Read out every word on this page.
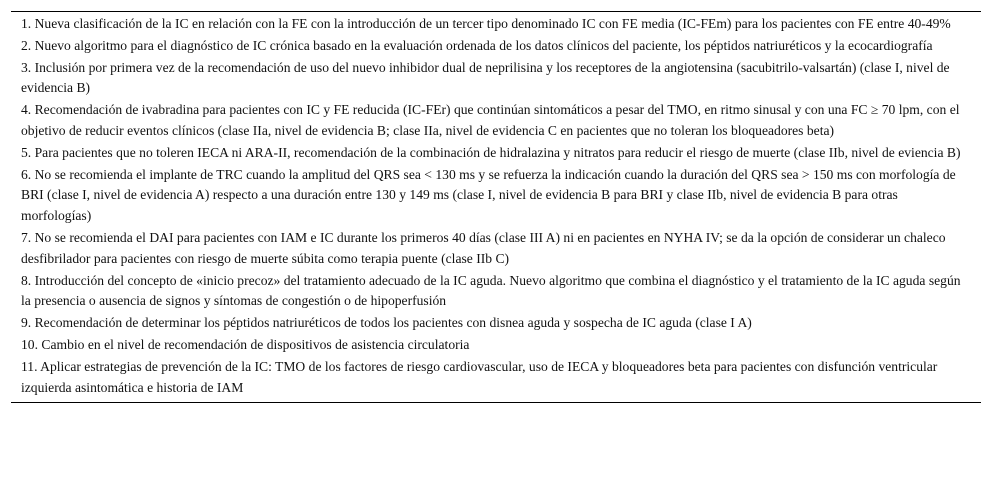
1. Nueva clasificación de la IC en relación con la FE con la introducción de un tercer tipo denominado IC con FE media (IC-FEm) para los pacientes con FE entre 40-49%
2. Nuevo algoritmo para el diagnóstico de IC crónica basado en la evaluación ordenada de los datos clínicos del paciente, los péptidos natriuréticos y la ecocardiografía
3. Inclusión por primera vez de la recomendación de uso del nuevo inhibidor dual de neprilisina y los receptores de la angiotensina (sacubitrilo-valsartán) (clase I, nivel de evidencia B)
4. Recomendación de ivabradina para pacientes con IC y FE reducida (IC-FEr) que continúan sintomáticos a pesar del TMO, en ritmo sinusal y con una FC ≥ 70 lpm, con el objetivo de reducir eventos clínicos (clase IIa, nivel de evidencia B; clase IIa, nivel de evidencia C en pacientes que no toleran los bloqueadores beta)
5. Para pacientes que no toleren IECA ni ARA-II, recomendación de la combinación de hidralazina y nitratos para reducir el riesgo de muerte (clase IIb, nivel de eviencia B)
6. No se recomienda el implante de TRC cuando la amplitud del QRS sea < 130 ms y se refuerza la indicación cuando la duración del QRS sea > 150 ms con morfología de BRI (clase I, nivel de evidencia A) respecto a una duración entre 130 y 149 ms (clase I, nivel de evidencia B para BRI y clase IIb, nivel de evidencia B para otras morfologías)
7. No se recomienda el DAI para pacientes con IAM e IC durante los primeros 40 días (clase III A) ni en pacientes en NYHA IV; se da la opción de considerar un chaleco desfibrilador para pacientes con riesgo de muerte súbita como terapia puente (clase IIb C)
8. Introducción del concepto de «inicio precoz» del tratamiento adecuado de la IC aguda. Nuevo algoritmo que combina el diagnóstico y el tratamiento de la IC aguda según la presencia o ausencia de signos y síntomas de congestión o de hipoperfusión
9. Recomendación de determinar los péptidos natriuréticos de todos los pacientes con disnea aguda y sospecha de IC aguda (clase I A)
10. Cambio en el nivel de recomendación de dispositivos de asistencia circulatoria
11. Aplicar estrategias de prevención de la IC: TMO de los factores de riesgo cardiovascular, uso de IECA y bloqueadores beta para pacientes con disfunción ventricular izquierda asintomática e historia de IAM
